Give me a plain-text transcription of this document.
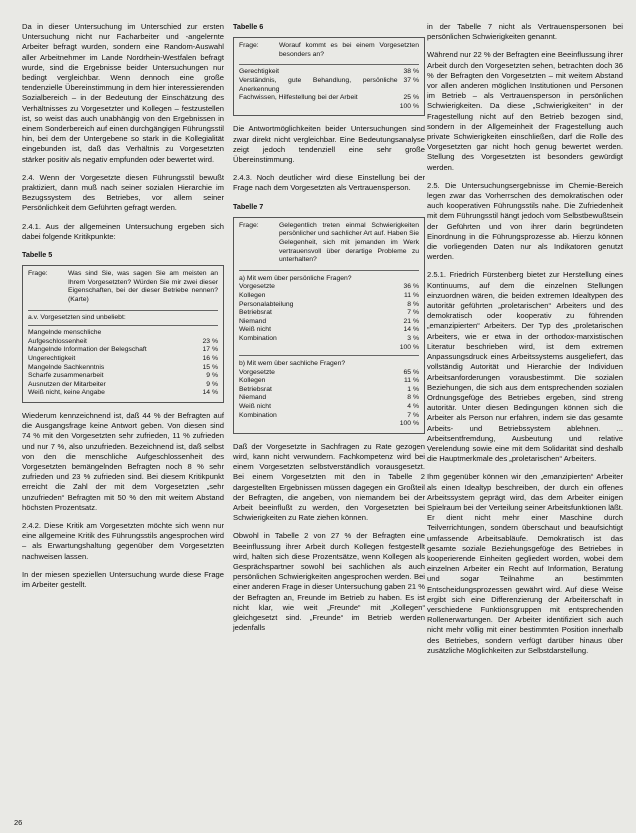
Da in dieser Untersuchung im Unterschied zur ersten Untersuchung nicht nur Facharbeiter und -angelernte Arbeiter befragt wurden, sondern eine Random-Auswahl aller Arbeitnehmer im Lande Nordrhein-Westfalen befragt wurde, sind die Ergebnisse beider Untersuchungen nur bedingt vergleichbar. Wenn dennoch eine große tendenzielle Übereinstimmung in dem hier interessierenden Sozialbereich – in der Bedeutung der Einschätzung des Verhältnisses zu Vorgesetzter und Kollegen – festzustellen ist, so weist das auch unabhängig von den Ergebnissen in einem Sonderbereich auf einen durchgängigen Führungsstil hin, bei dem der Untergebene so stark in die Kollegialität eingebunden ist, daß das Verhältnis zu Vorgesetzten stärker positiv als negativ empfunden oder bewertet wird.

2.4. Wenn der Vorgesetzte diesen Führungsstil bewußt praktiziert, dann muß nach seiner sozialen Hierarchie im Bezugssystem des Betriebes, vor allem seiner Persönlichkeit dem Geführten gefragt werden.

2.4.1. Aus der allgemeinen Untersuchung ergeben sich dabei folgende Kritikpunkte:

Tabelle 5
Frage:	Was sind Sie, was sagen Sie am meisten an Ihrem Vorgesetzten? Würden Sie mir zwei dieser Eigenschaften, bei der dieser Betriebe nennen? (Karte)
a.v. Vorgesetzten sind unbeliebt:
Mangelnde menschliche
Aufgeschlossenheit	23 %
Mangelnde Information der Belegschaft	17 %
Ungerechtigkeit	16 %
Mangelnde Sachkenntnis	15 %
Scharfe zusammenarbeit	9 %
Ausnutzen der Mitarbeiter	9 %
Weiß nicht, keine Angabe	14 %

Wiederum kennzeichnend ist, daß 44 % der Befragten auf die Ausgangsfrage keine Antwort geben. Von diesen sind 74 % mit den Vorgesetzten sehr zufrieden, 11 % zufrieden und nur 7 %, also unzufrieden. Bezeichnend ist, daß selbst von den die menschliche Aufgeschlossenheit des Vorgesetzten bemängelnden Befragten noch 8 % sehr zufrieden und 23 % zufrieden sind. Bei diesem Kritikpunkt erreicht die Zahl der mit dem Vorgesetzten „sehr unzufrieden“ Befragten mit 50 % den mit weitem Abstand höchsten Prozentsatz.

2.4.2. Diese Kritik am Vorgesetzten möchte sich wenn nur eine allgemeine Kritik des Führungsstils angesprochen wird – als Erwartungshaltung gegenüber dem Vorgesetzten nachweisen lassen.

In der miesen speziellen Untersuchung wurde diese Frage im Arbeiter gestellt.

Tabelle 6
Frage:	Worauf kommt es bei einem Vorgesetzten besonders an?
Gerechtigkeit	38 %
Verständnis, gute Behandlung, persönliche Anerkennung
37 %
Fachwissen, Hilfestellung bei der Arbeit	25 %
100 %

Die Antwortmöglichkeiten beider Untersuchungen sind zwar direkt nicht vergleichbar. Eine Bedeutungsanalyse zeigt jedoch tendenziell eine sehr große Übereinstimmung.

2.4.3. Noch deutlicher wird diese Einstellung bei der Frage nach dem Vorgesetzten als Vertrauensperson.

Tabelle 7
Frage:	Gelegentlich treten einmal Schwierigkeiten persönlicher und sachlicher Art auf. Haben Sie Gelegenheit, sich mit jemanden im Werk vertrauensvoll über derartige Probleme zu unterhalten?
a) Mit wem über persönliche Fragen?
Vorgesetzte	36 %
Kollegen	11 %
Personalabteilung	8 %
Betriebsrat	7 %
Niemand	21 %
Weiß nicht	14 %
Kombination	3 %
100 %
b) Mit wem über sachliche Fragen?
Vorgesetzte	65 %
Kollegen	11 %
Betriebsrat	1 %
Niemand	8 %
Weiß nicht	4 %
Kombination	7 %
100 %

Daß der Vorgesetzte in Sachfragen zu Rate gezogen wird, kann nicht verwundern. Fachkompetenz wird bei einem Vorgesetzten selbstverständlich vorausgesetzt. Bei einem Vorgesetzten mit den in Tabelle 2 dargestellten Ergebnissen müssen dagegen ein Großteil der Befragten, die angeben, von niemandem bei der Arbeit beeinflußt zu werden, den Vorgesetzten bei Schwierigkeiten zu Rate ziehen können.

Obwohl in Tabelle 2 von 27 % der Befragten eine Beeinflussung ihrer Arbeit durch Kollegen festgestellt wird, halten sich diese Prozentsätze, wenn Kollegen als Gesprächspartner sowohl bei sachlichen als auch persönlichen Schwierigkeiten angesprochen werden. Bei einer anderen Frage in dieser Untersuchung gaben 21 % der Befragten an, Freunde im Betrieb zu haben. Es ist nicht klar, wie weit „Freunde“ mit „Kollegen“ gleichgesetzt sind. „Freunde“ im Betrieb werden jedenfalls

in der Tabelle 7 nicht als Vertrauenspersonen bei persönlichen Schwierigkeiten genannt.

Während nur 22 % der Befragten eine Beeinflussung ihrer Arbeit durch den Vorgesetzten sehen, betrachten doch 36 % der Befragten den Vorgesetzten – mit weitem Abstand vor allen anderen möglichen Institutionen und Personen im Betrieb – als Vertrauensperson in persönlichen Schwierigkeiten. Da diese „Schwierigkeiten“ in der Fragestellung nicht auf den Betrieb bezogen sind, sondern in der Allgemeinheit der Fragestellung auch private Schwierigkeiten einschließen, darf die Rolle des Vorgesetzten gar nicht hoch genug bewertet werden. Stellung des Vorgesetzten ist besonders gewürdigt werden.

2.5. Die Untersuchungsergebnisse im Chemie-Bereich legen zwar das Vorherrschen des demokratischen oder auch kooperativen Führungsstils nahe. Die Zufriedenheit mit dem Führungsstil hängt jedoch vom Selbstbewußtsein der Geführten und von ihrer darin begründeten Einordnung in die Führungsprozesse ab. Hierzu können die vorliegenden Daten nur als Indikatoren genutzt werden.

2.5.1. Friedrich Fürstenberg bietet zur Herstellung eines Kontinuums, auf dem die einzelnen Stellungen einzuordnen wären, die beiden extremen Idealtypen des autoritär geführten „proletarischen“ Arbeiters und des demokratisch oder kooperativ zu führenden „emanzipierten“ Arbeiters. Der Typ des „proletarischen Arbeiters, wie er etwa in der orthodox-marxistischen Literatur beschrieben wird, ist dem extremen Anpassungsdruck eines Arbeitssystems ausgeliefert, das vollständig Autorität und Hierarchie der Individuen Arbeitsanforderungen vorausbestimmt. Die sozialen Beziehungen, die sich aus dem entsprechenden sozialen Ordnungsgefüge des Betriebes ergeben, sind streng autoritär. Unter diesen Bedingungen können sich die Arbeiter als Person nur erfahren, indem sie das gesamte Arbeits- und Betriebssystem ablehnen. ... Arbeitsentfremdung, Ausbeutung und relative Verelendung sowie eine mit dem Solidarität sind deshalb die Hauptmerkmale des „proletarischen“ Arbeiters.

Ihm gegenüber können wir den „emanzipierten“ Arbeiter als einen Idealtyp beschreiben, der durch ein offenes Arbeitssystem geprägt wird, das dem Arbeiter einigen Spielraum bei der Verteilung seiner Arbeitsfunktionen läßt. Er dient nicht mehr einer Maschine durch Teilverrichtungen, sondern überschaut und beaufsichtigt umfassende Arbeitsabläufe. Demokratisch ist das gesamte soziale Beziehungsgefüge des Betriebes in kooperierende Einheiten gegliedert worden, wobei dem einzelnen Arbeiter ein Recht auf Information, Beratung und sogar Teilnahme an bestimmten Entscheidungsprozessen gewährt wird. Auf diese Weise ergibt sich eine Differenzierung der Arbeiterschaft in verschiedene Funktionsgruppen mit entsprechenden Rollenerwartungen. Der Arbeiter identifiziert sich auch nicht mehr völlig mit einer bestimmten Position innerhalb des Betriebes, sondern verfügt darüber hinaus über zusätzliche Möglichkeiten zur Selbstdarstellung.

26
